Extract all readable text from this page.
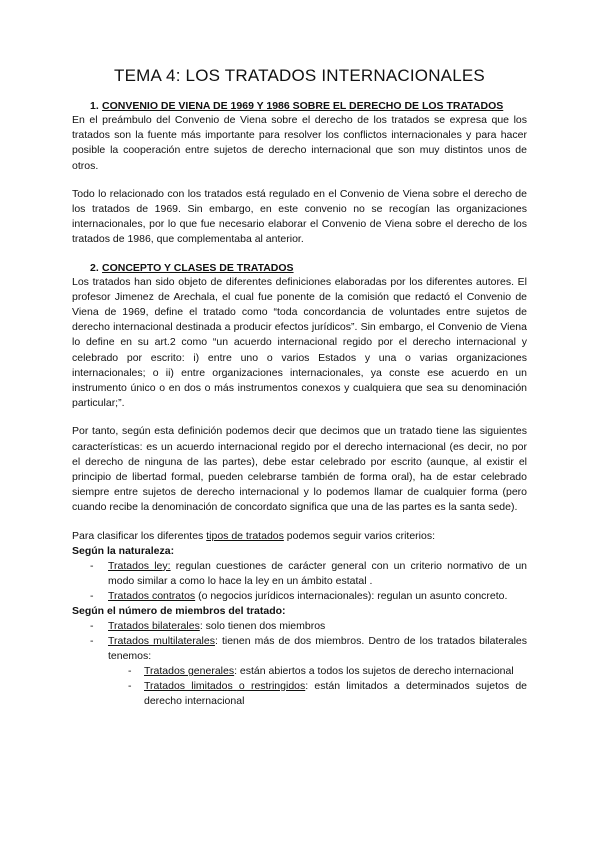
TEMA 4: LOS TRATADOS INTERNACIONALES
1. CONVENIO DE VIENA DE 1969 Y 1986 SOBRE EL DERECHO DE LOS TRATADOS

En el preámbulo del Convenio de Viena sobre el derecho de los tratados se expresa que los tratados son la fuente más importante para resolver los conflictos internacionales y para hacer posible la cooperación entre sujetos de derecho internacional que son muy distintos unos de otros.

Todo lo relacionado con los tratados está regulado en el Convenio de Viena sobre el derecho de los tratados de 1969. Sin embargo, en este convenio no se recogían las organizaciones internacionales, por lo que fue necesario elaborar el Convenio de Viena sobre el derecho de los tratados de 1986, que complementaba al anterior.

2. CONCEPTO Y CLASES DE TRATADOS

Los tratados han sido objeto de diferentes definiciones elaboradas por los diferentes autores. El profesor Jimenez de Arechala, el cual fue ponente de la comisión que redactó el Convenio de Viena de 1969, define el tratado como “toda concordancia de voluntades entre sujetos de derecho internacional destinada a producir efectos jurídicos”. Sin embargo, el Convenio de Viena lo define en su art.2 como “un acuerdo internacional regido por el derecho internacional y celebrado por escrito: i) entre uno o varios Estados y una o varias organizaciones internacionales; o ii) entre organizaciones internacionales, ya conste ese acuerdo en un instrumento único o en dos o más instrumentos conexos y cualquiera que sea su denominación particular;”.

Por tanto, según esta definición podemos decir que decimos que un tratado tiene las siguientes características: es un acuerdo internacional regido por el derecho internacional (es decir, no por el derecho de ninguna de las partes), debe estar celebrado por escrito (aunque, al existir el principio de libertad formal, pueden celebrarse también de forma oral), ha de estar celebrado siempre entre sujetos de derecho internacional y lo podemos llamar de cualquier forma (pero cuando recibe la denominación de concordato significa que una de las partes es la santa sede).

Para clasificar los diferentes tipos de tratados podemos seguir varios criterios:

Según la naturaleza:
-	Tratados ley: regulan cuestiones de carácter general con un criterio normativo de un modo similar a como lo hace la ley en un ámbito estatal .
-	Tratados contratos (o negocios jurídicos internacionales): regulan un asunto concreto.
Según el número de miembros del tratado:
-	Tratados bilaterales: solo tienen dos miembros
-	Tratados multilaterales: tienen más de dos miembros. Dentro de los tratados bilaterales tenemos:
-	Tratados generales: están abiertos a todos los sujetos de derecho internacional
-	Tratados limitados o restringidos: están limitados a determinados sujetos de derecho internacional
